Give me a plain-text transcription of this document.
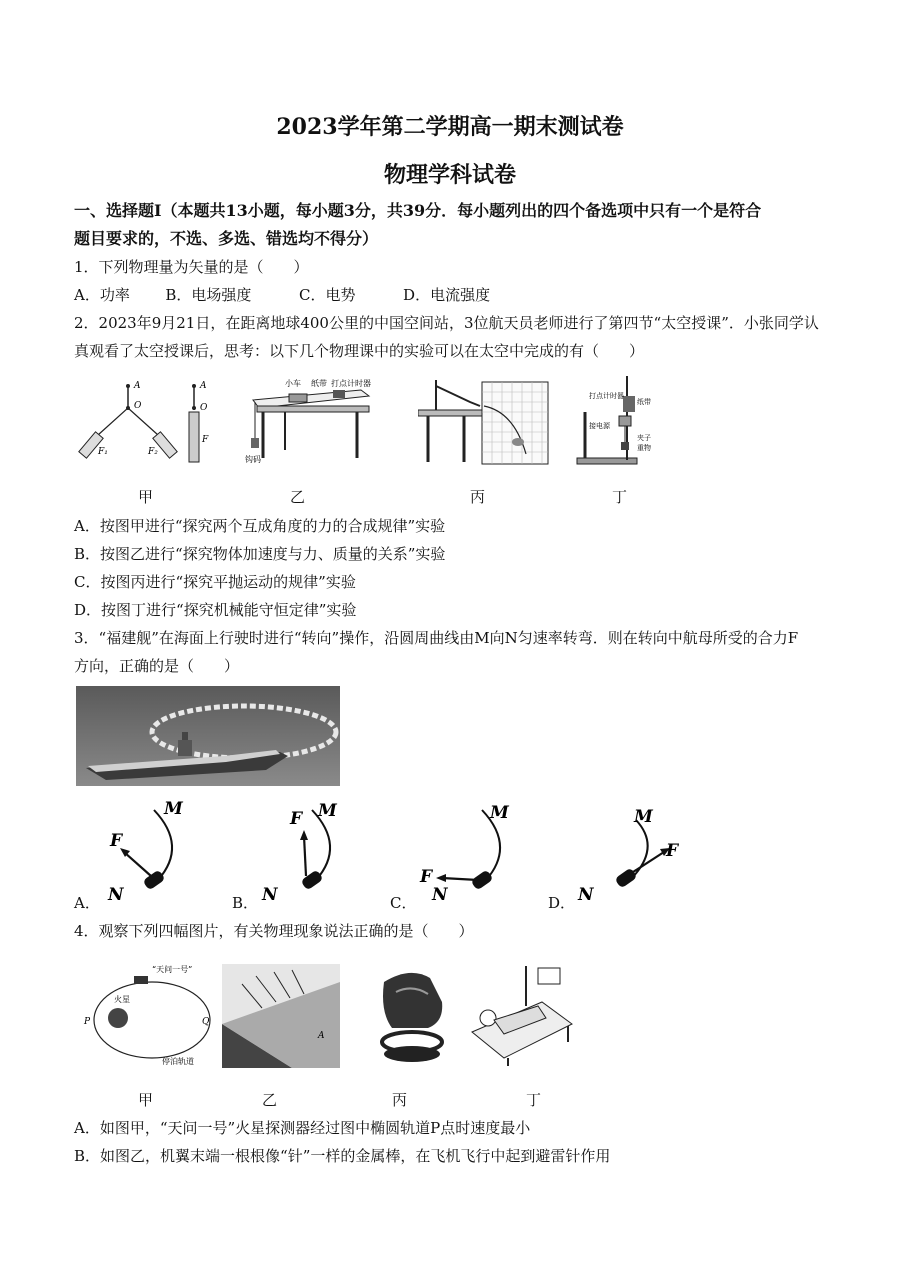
2023学年第二学期高一期末测试卷
物理学科试卷
一、选择题Ⅰ（本题共13小题，每小题3分，共39分．每小题列出的四个备选项中只有一个是符合
题目要求的，不选、多选、错选均不得分）
1．下列物理量为矢量的是（　　）
A．功率 B．电场强度	C．电势	D．电流强度
2．2023年9月21日，在距离地球400公里的中国空间站，3位航天员老师进行了第四节“太空授课”．小张同学认
真观看了太空授课后，思考：以下几个物理课中的实验可以在太空中完成的有（　　）
A
O
F₁	F₂
A
O
F
小车 纸带 打点计时器
钩码
打点计时器
纸带
接电源
夹子
重物
甲	乙	丙	丁
A．按图甲进行“探究两个互成角度的力的合成规律”实验
B．按图乙进行“探究物体加速度与力、质量的关系”实验
C．按图丙进行“探究平抛运动的规律”实验
D．按图丁进行“探究机械能守恒定律”实验
3．“福建舰”在海面上行驶时进行“转向”操作，沿圆周曲线由M向N匀速率转弯．则在转向中航母所受的合力F
方向，正确的是（　　）
M
F
N
A．
M
F
N
B．
M
F
N
C．
M
F
N
D．
4．观察下列四幅图片，有关物理现象说法正确的是（　　）
“天问一号”
火星
P	Q
停泊轨道
A
甲	乙	丙	丁
A．如图甲，“天问一号”火星探测器经过图中椭圆轨道P点时速度最小
B．如图乙，机翼末端一根根像“针”一样的金属棒，在飞机飞行中起到避雷针作用
